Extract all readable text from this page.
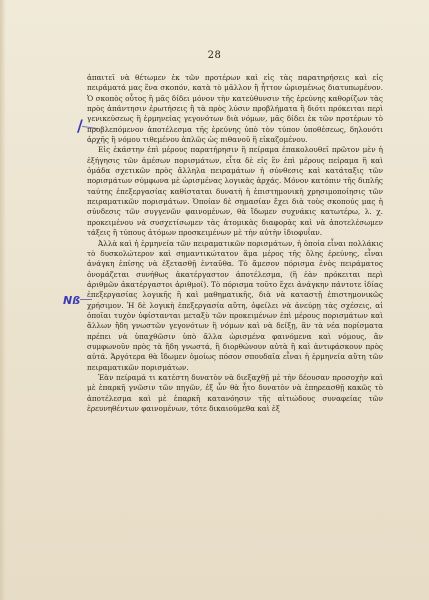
28
/
Nß

ἀπαιτεῖ νὰ θέτωμεν ἐκ τῶν προτέρων καὶ εἰς τὰς παρατηρήσεις καὶ εἰς πειράματά μας ἕνα σκοπόν, κατὰ τὸ μᾶλλον ἢ ἧττον ὡρισμένως διατυπωμένον. Ὁ σκοπὸς οὗτος ἢ μᾶς δίδει μόνον τὴν κατεύθυνσιν τῆς ἐρεύνης καθορίζων τὰς πρὸς ἀπάντησιν ἐρωτήσεις ἢ τὰ πρὸς λύσιν προβλήματα ἢ διότι πρόκειται περὶ γενικεύσεως ἢ ἑρμηνείας γεγονότων διὰ νόμων, μᾶς δίδει ἐκ τῶν προτέρων τὸ προβλεπόμενον ἀποτέλεσμα τῆς ἐρεύνης ὑπὸ τὸν τύπον ὑποθέσεως, δηλονότι ἀρχῆς ἢ νόμου τιθεμένου ἁπλῶς ὡς πιθανοῦ ἢ εἰκαζομένου.

Εἰς ἑκάστην ἐπὶ μέρους παρατήρησιν ἢ πείραμα ἐπακολουθεῖ πρῶτον μὲν ἡ ἐξήγησις τῶν ἀμέσων πορισμάτων, εἶτα δὲ εἰς ἓν ἐπὶ μέρους πείραμα ἢ καὶ ὁμάδα σχετικῶν πρὸς ἄλληλα πειραμάτων ἡ σύνθεσις καὶ κατάταξις τῶν πορισμάτων σύμφωνα μὲ ὡρισμένας λογικὰς ἀρχάς. Μόνον κατόπιν τῆς διπλῆς ταύτης ἐπεξεργασίας καθίσταται δυνατὴ ἡ ἐπιστημονικὴ χρησιμοποίησις τῶν πειραματικῶν πορισμάτων. Ὁποίαν δὲ σημασίαν ἔχει διὰ τοὺς σκοπούς μας ἡ σύνδεσις τῶν συγγενῶν φαινομένων, θὰ ἴδωμεν συχνάκις κατωτέρω, λ. χ. προκειμένου νὰ συσχετίσωμεν τὰς ἀτομικὰς διαφορὰς καὶ νὰ ἀποτελέσωμεν τάξεις ἢ τύπους ἀτόμων προσκειμένων μὲ τὴν αὐτὴν ἰδιοφυΐαν.

Ἀλλὰ καὶ ἡ ἑρμηνεία τῶν πειραματικῶν πορισμάτων, ἡ ὁποία εἶναι πολλάκις τὸ δυσκολώτερον καὶ σημαντικώτατον ἅμα μέρος τῆς ὅλης ἐρεύνης, εἶναι ἀνάγκη ἐπίσης νὰ ἐξετασθῇ ἐνταῦθα. Τὸ ἄμεσον πόρισμα ἑνὸς πειράματος ὀνομάζεται συνήθως ἀκατέργαστον ἀποτέλεσμα, (ἢ ἐὰν πρόκειται περὶ ἀριθμῶν ἀκατέργαστοι ἀριθμοί). Τὸ πόρισμα τοῦτο ἔχει ἀνάγκην πάντοτε ἰδίας ἐπεξεργασίας λογικῆς ἢ καὶ μαθηματικῆς, διὰ νὰ καταστῇ ἐπιστημονικῶς χρήσιμον. Ἡ δὲ λογικὴ ἐπεξεργασία αὕτη, ὀφείλει νὰ ἀνεύρῃ τὰς σχέσεις, αἱ ὁποῖαι τυχὸν ὑφίστανται μεταξὺ τῶν προκειμένων ἐπὶ μέρους πορισμάτων καὶ ἄλλων ἤδη γνωστῶν γεγονότων ἢ νόμων καὶ νὰ δείξῃ, ἂν τὰ νέα πορίσματα πρέπει νὰ ὑπαχθῶσιν ὑπὸ ἄλλα ὡρισμένα φαινόμενα καὶ νόμους, ἂν συμφωνοῦν πρὸς τὰ ἤδη γνωστά, ἢ διορθώνουν αὐτὰ ἢ καὶ ἀντιφάσκουν πρὸς αὐτά. Ἀργότερα θὰ ἴδωμεν ὁμοίως πόσον σπουδαῖα εἶναι ἡ ἑρμηνεία αὕτη τῶν πειραματικῶν πορισμάτων.

Ἐὰν πείραμά τι κατέστη δυνατὸν νὰ διεξαχθῇ μὲ τὴν δέουσαν προσοχὴν καὶ μὲ ἐπαρκῆ γνῶσιν τῶν πηγῶν, ἐξ ὧν θὰ ἦτο δυνατὸν νὰ ἐπηρεασθῇ κακῶς τὸ ἀποτέλεσμα καὶ μὲ ἐπαρκῆ κατανόησιν τῆς αἰτιώδους συναφείας τῶν ἐρευνηθέντων φαινομένων, τότε δικαιούμεθα καὶ ἐξ
